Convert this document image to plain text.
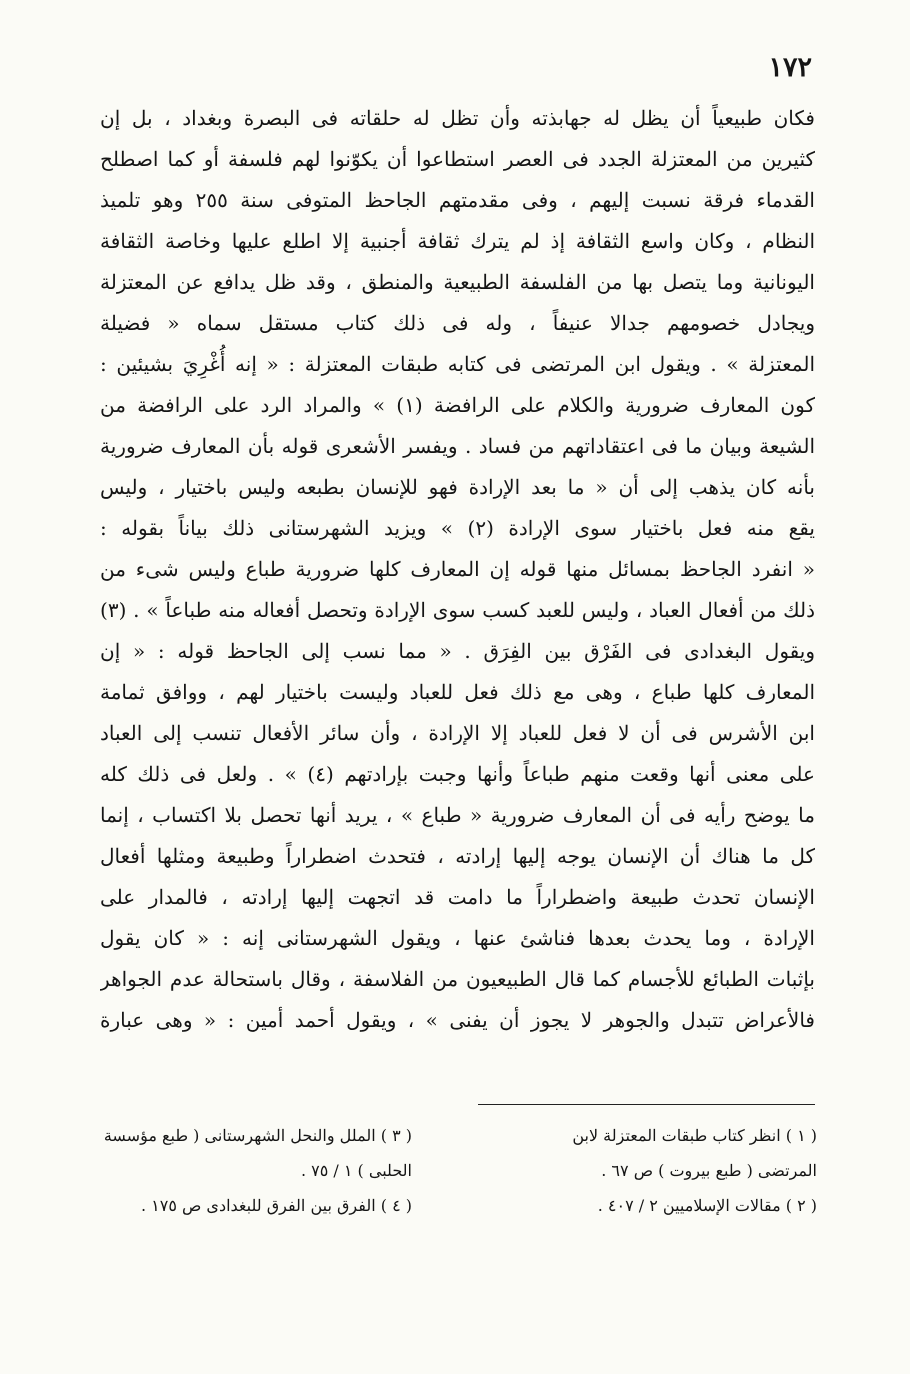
١٧٢
فكان طبيعياً أن يظل له جهابذته وأن تظل له حلقاته فى البصرة وبغداد ، بل إن
كثيرين من المعتزلة الجدد فى العصر استطاعوا أن يكوّنوا لهم فلسفة أو كما اصطلح
القدماء فرقة نسبت إليهم ، وفى مقدمتهم الجاحظ المتوفى سنة ٢٥٥ وهو تلميذ
النظام ، وكان واسع الثقافة إذ لم يترك ثقافة أجنبية إلا اطلع عليها وخاصة الثقافة
اليونانية وما يتصل بها من الفلسفة الطبيعية والمنطق ، وقد ظل يدافع عن المعتزلة
ويجادل خصومهم جدالا عنيفاً ، وله فى ذلك كتاب مستقل سماه « فضيلة
المعتزلة » . ويقول ابن المرتضى فى كتابه طبقات المعتزلة : « إنه أُغْرِيَ بشيئين :
كون المعارف ضرورية والكلام على الرافضة (١) » والمراد الرد على الرافضة من
الشيعة وبيان ما فى اعتقاداتهم من فساد . ويفسر الأشعرى قوله بأن المعارف ضرورية
بأنه كان يذهب إلى أن « ما بعد الإرادة فهو للإنسان بطبعه وليس باختيار ، وليس
يقع منه فعل باختيار سوى الإرادة (٢) » ويزيد الشهرستانى ذلك بياناً بقوله :
« انفرد الجاحظ بمسائل منها قوله إن المعارف كلها ضرورية طباع وليس شىء من
ذلك من أفعال العباد ، وليس للعبد كسب سوى الإرادة وتحصل أفعاله منه طباعاً » . (٣)
ويقول البغدادى فى الفَرْق بين الفِرَق . « مما نسب إلى الجاحظ قوله : « إن
المعارف كلها طباع ، وهى مع ذلك فعل للعباد وليست باختيار لهم ، ووافق ثمامة
ابن الأشرس فى أن لا فعل للعباد إلا الإرادة ، وأن سائر الأفعال تنسب إلى العباد
على معنى أنها وقعت منهم طباعاً وأنها وجبت بإرادتهم (٤) » . ولعل فى ذلك كله
ما يوضح رأيه فى أن المعارف ضرورية « طباع » ، يريد أنها تحصل بلا اكتساب ، إنما
كل ما هناك أن الإنسان يوجه إليها إرادته ، فتحدث اضطراراً وطبيعة ومثلها أفعال
الإنسان تحدث طبيعة واضطراراً ما دامت قد اتجهت إليها إرادته ، فالمدار على
الإرادة ، وما يحدث بعدها فناشئ عنها ، ويقول الشهرستانى إنه : « كان يقول
بإثبات الطبائع للأجسام كما قال الطبيعيون من الفلاسفة ، وقال باستحالة عدم الجواهر
فالأعراض تتبدل والجوهر لا يجوز أن يفنى » ، ويقول أحمد أمين : « وهى عبارة
( ١ ) انظر كتاب طبقات المعتزلة لابن
المرتضى ( طبع بيروت ) ص ٦٧ .
( ٢ ) مقالات الإسلاميين ٢ / ٤٠٧ .
( ٣ ) الملل والنحل الشهرستانى ( طبع مؤسسة
الحلبى ) ١ / ٧٥ .
( ٤ ) الفرق بين الفرق للبغدادى ص ١٧٥ .
